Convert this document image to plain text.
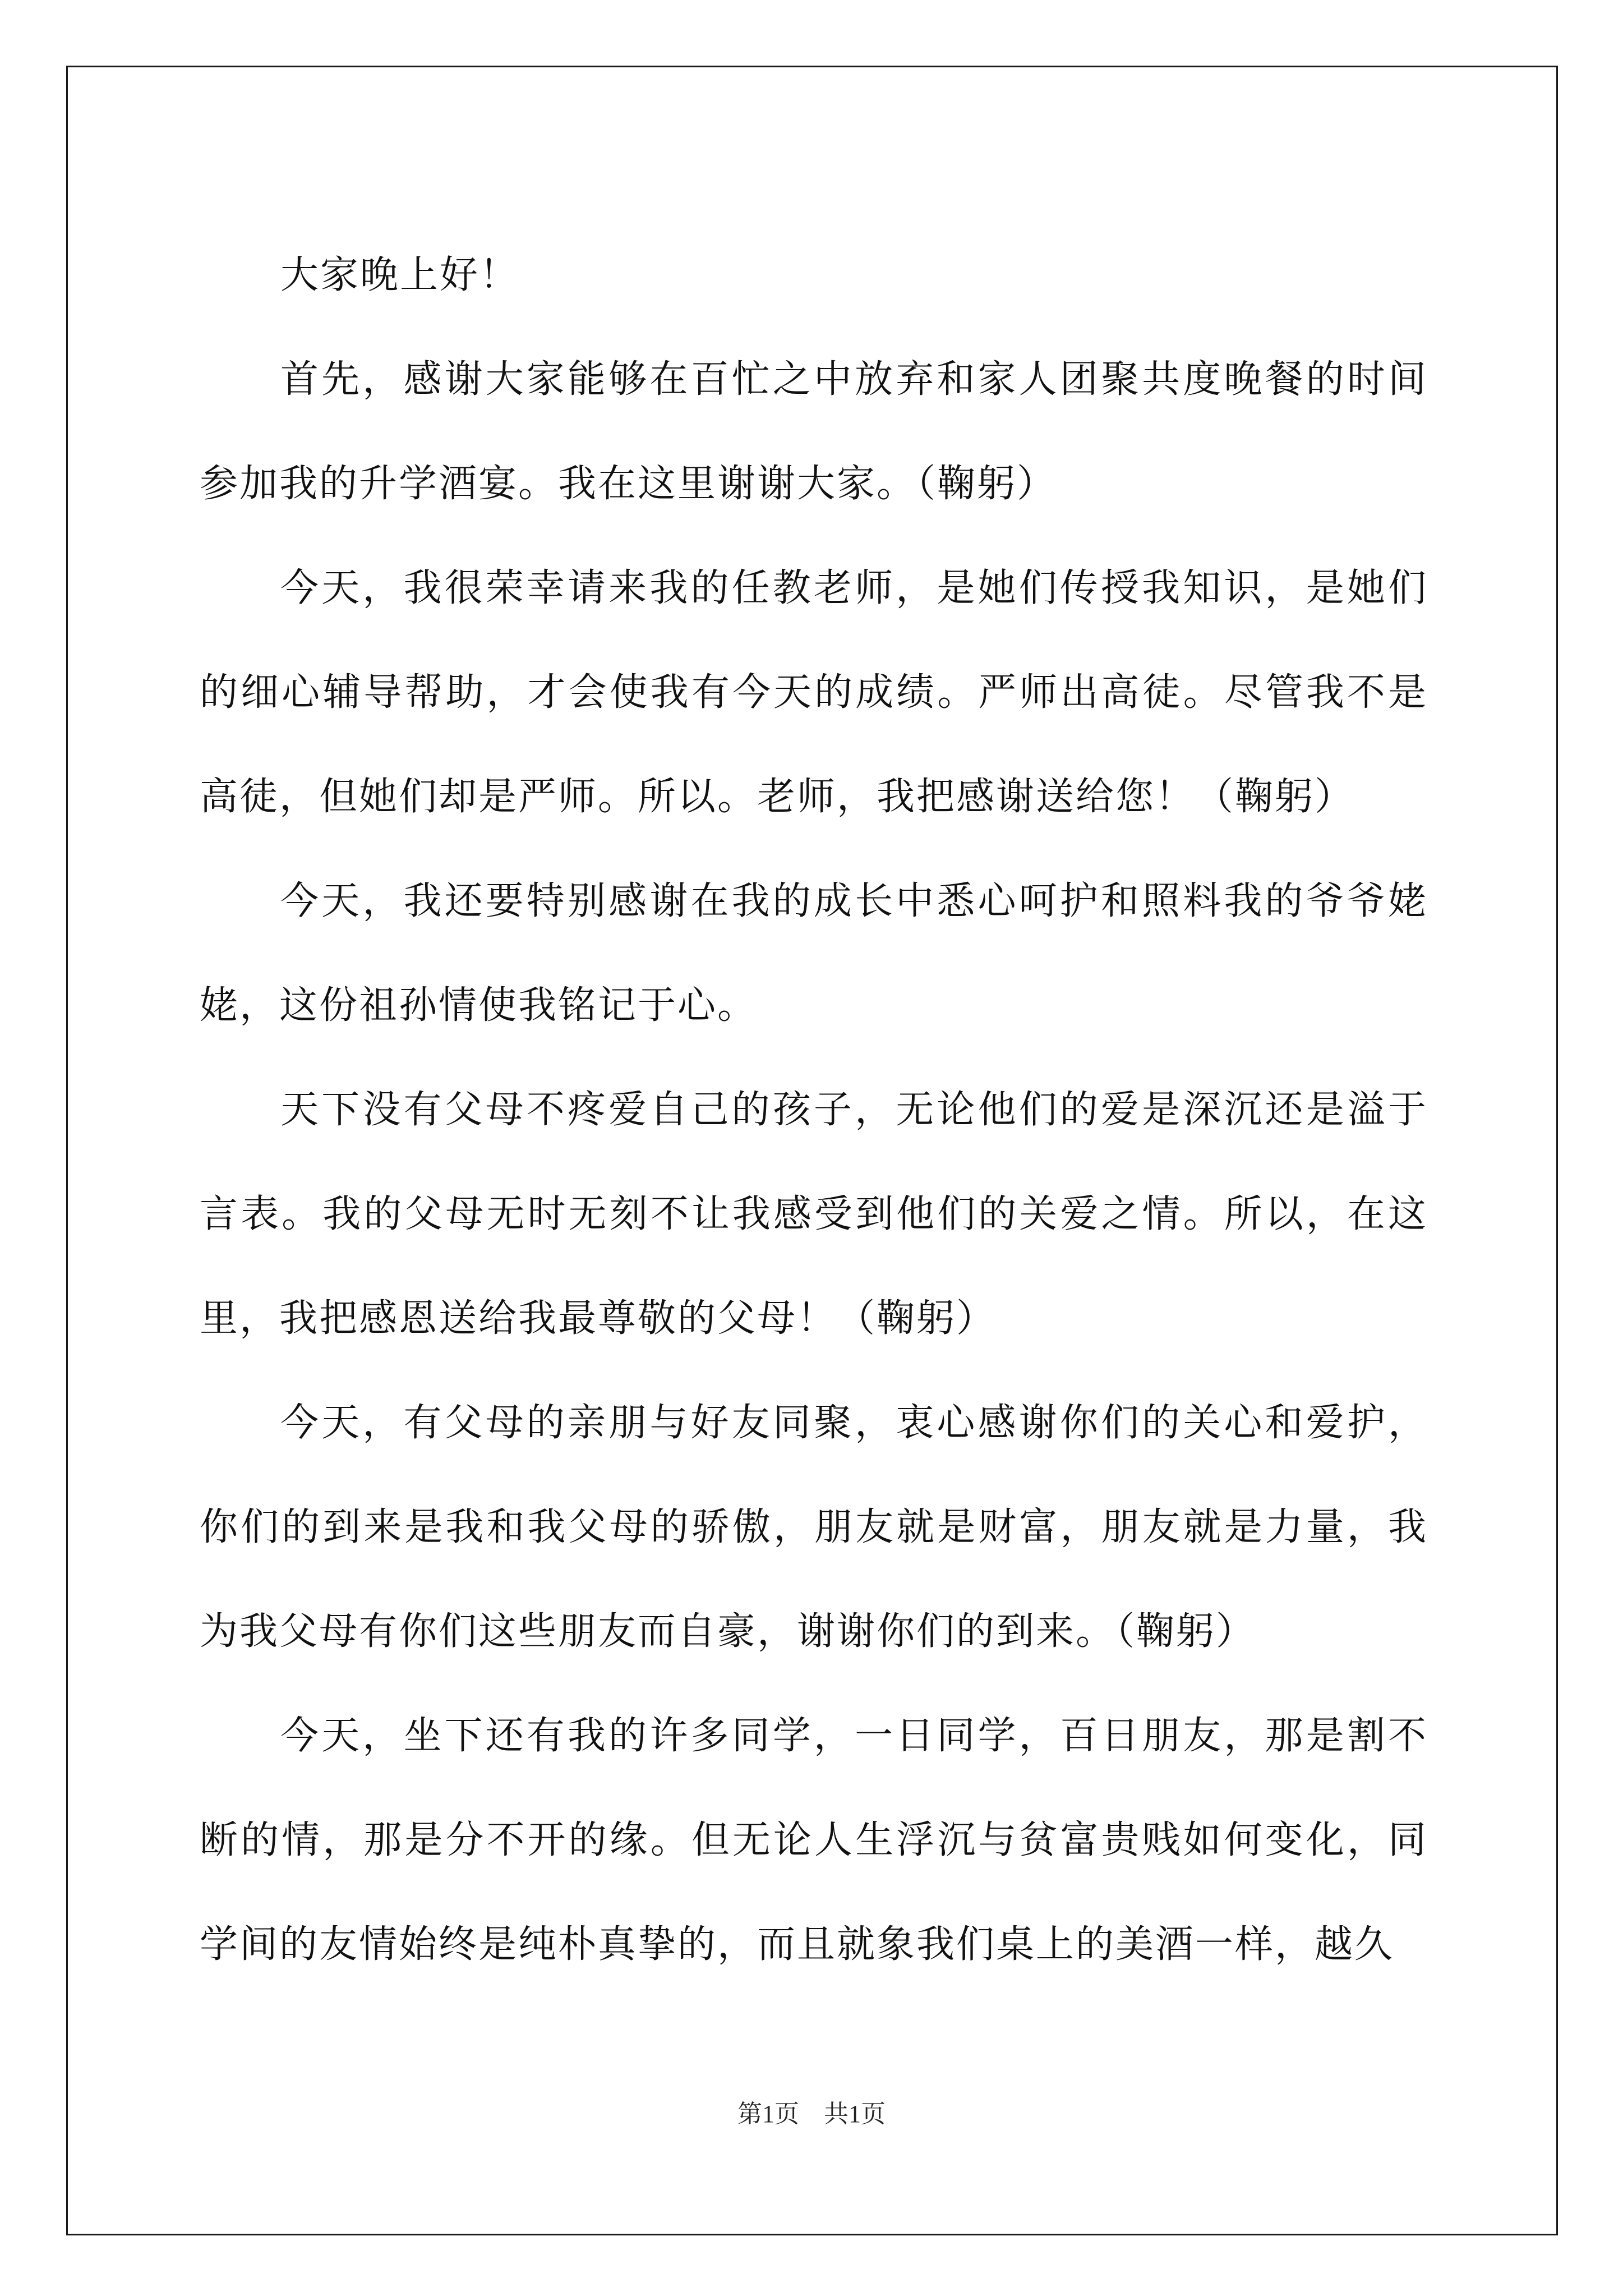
大家晚上好！

首先，感谢大家能够在百忙之中放弃和家人团聚共度晚餐的时间参加我的升学酒宴。我在这里谢谢大家。（鞠躬）

今天，我很荣幸请来我的任教老师，是她们传授我知识，是她们的细心辅导帮助，才会使我有今天的成绩。严师出高徒。尽管我不是高徒，但她们却是严师。所以。老师，我把感谢送给您！（鞠躬）

今天，我还要特别感谢在我的成长中悉心呵护和照料我的爷爷姥姥，这份祖孙情使我铭记于心。

天下没有父母不疼爱自己的孩子，无论他们的爱是深沉还是溢于言表。我的父母无时无刻不让我感受到他们的关爱之情。所以，在这里，我把感恩送给我最尊敬的父母！（鞠躬）

今天，有父母的亲朋与好友同聚，衷心感谢你们的关心和爱护，你们的到来是我和我父母的骄傲，朋友就是财富，朋友就是力量，我为我父母有你们这些朋友而自豪，谢谢你们的到来。（鞠躬）

今天，坐下还有我的许多同学，一日同学，百日朋友，那是割不断的情，那是分不开的缘。但无论人生浮沉与贫富贵贱如何变化，同学间的友情始终是纯朴真挚的，而且就象我们桌上的美酒一样，越久

第1页 共1页
